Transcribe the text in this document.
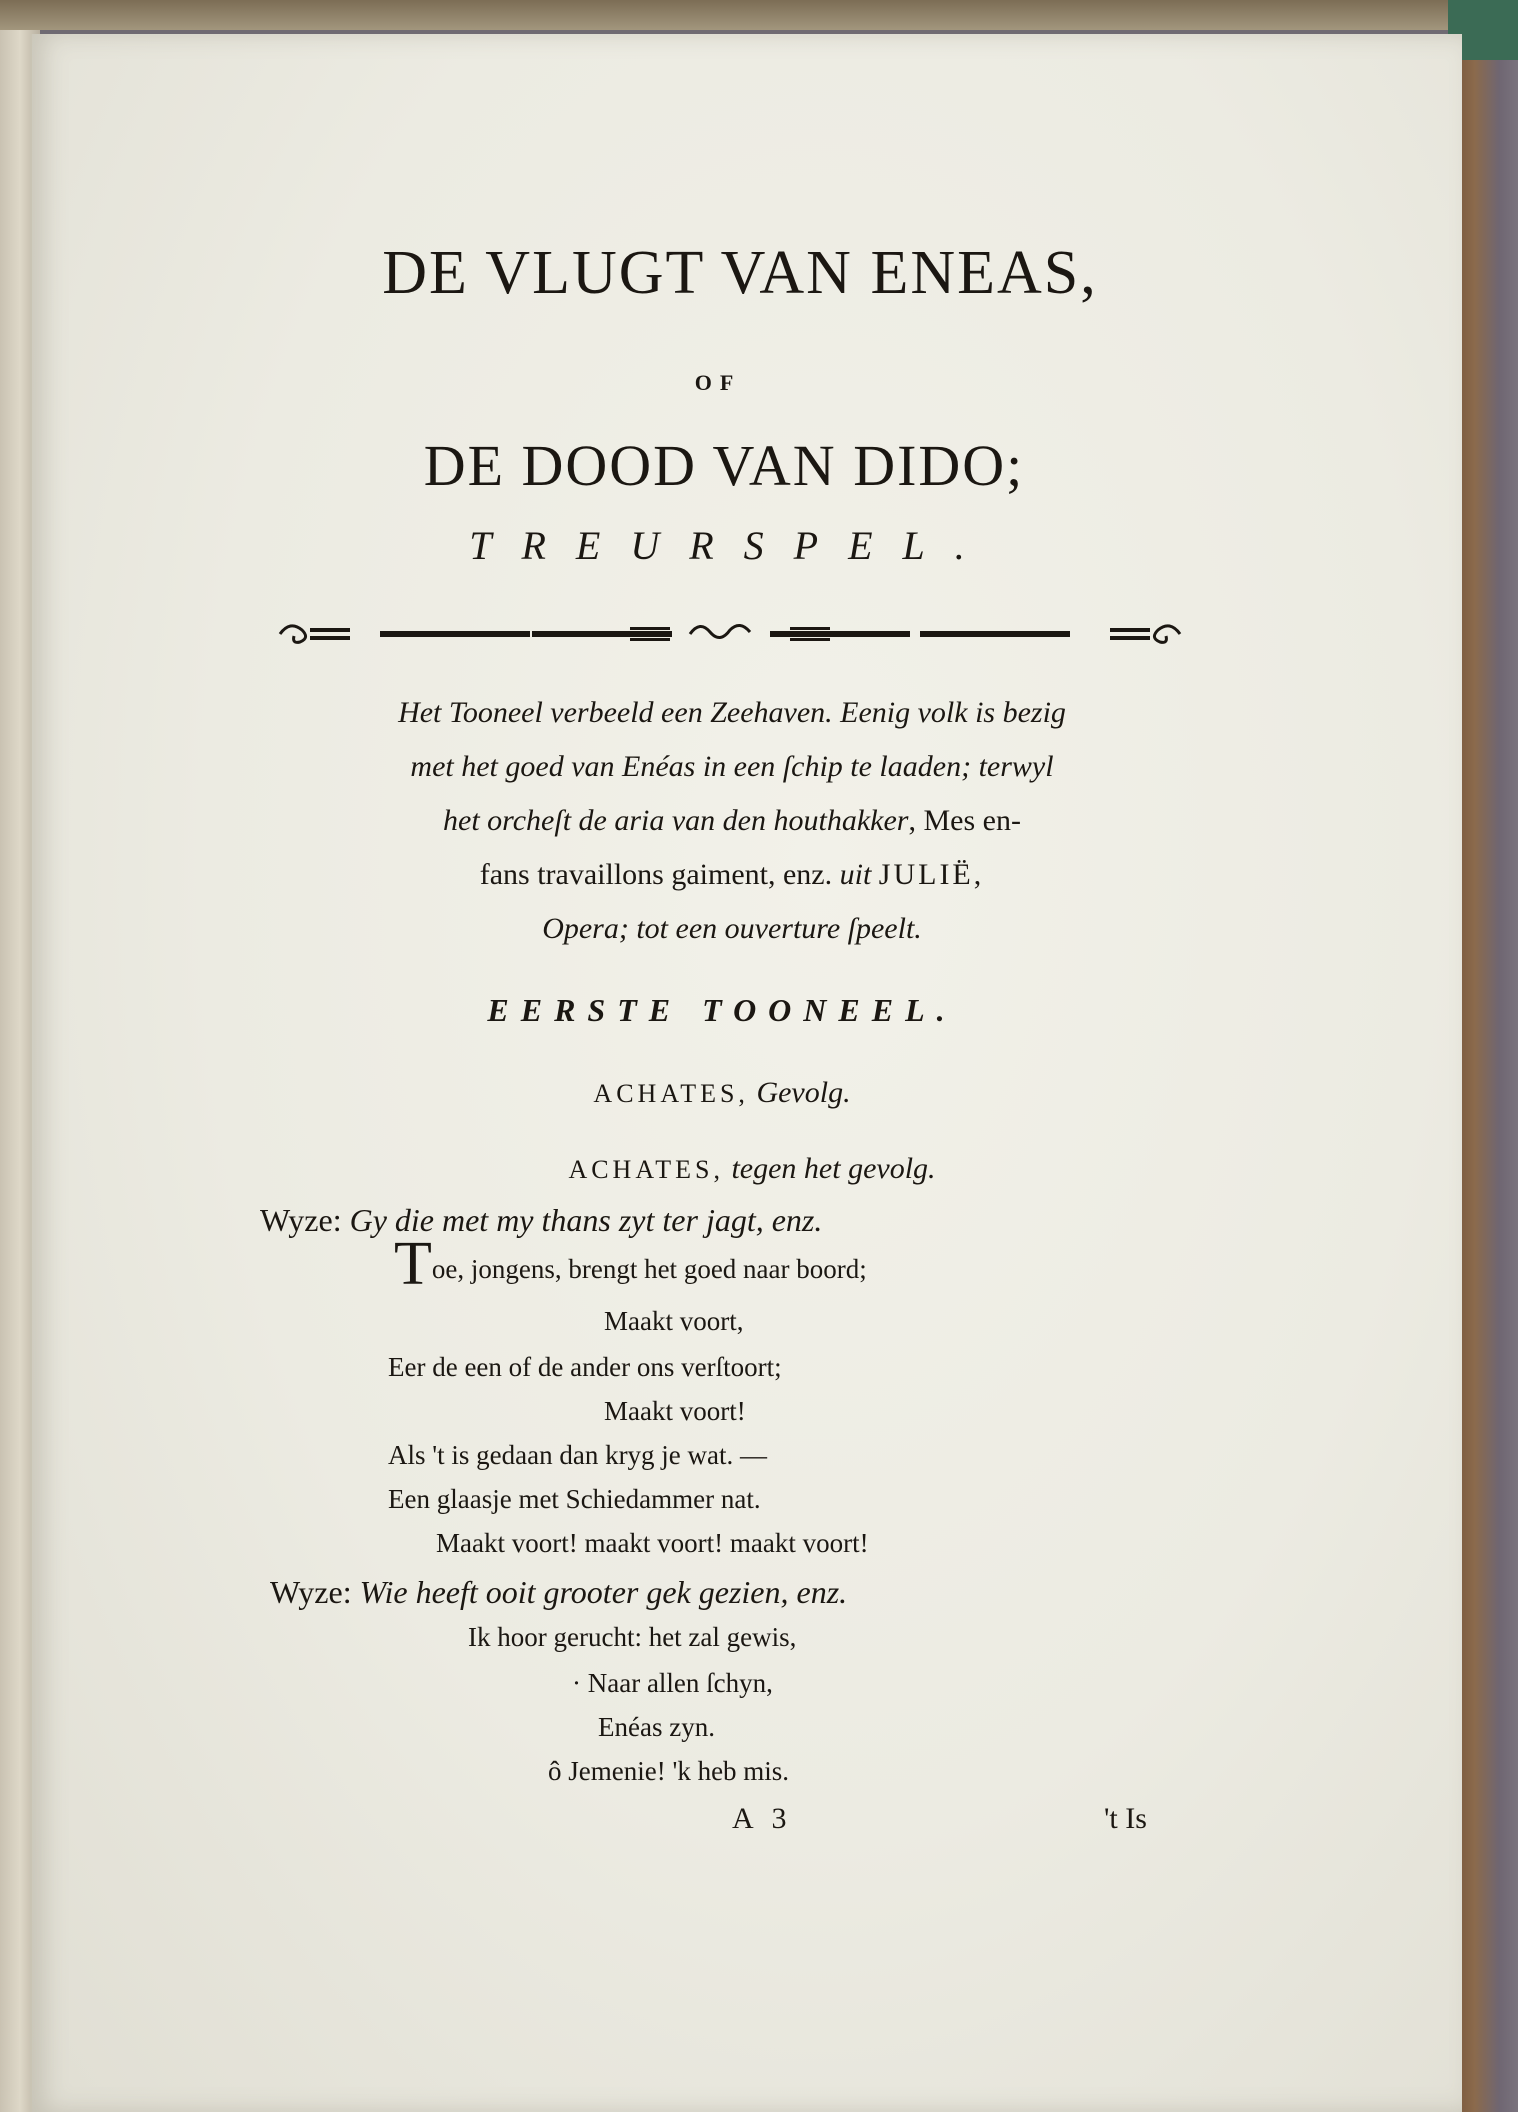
DE VLUGT VAN ENEAS,
OF
DE DOOD VAN DIDO;
TREURSPEL.
Het Tooneel verbeeld een Zeehaven. Eenig volk is bezig
met het goed van Enéas in een ſchip te laaden; terwyl
het orcheſt de aria van den houthakker, Mes en-
fans travaillons gaiment, enz. uit JULIË,
Opera; tot een ouverture ſpeelt.
EERSTE TOONEEL.
ACHATES, Gevolg.
ACHATES, tegen het gevolg.
Wyze: Gy die met my thans zyt ter jagt, enz.
Toe, jongens, brengt het goed naar boord;
Maakt voort,
Eer de een of de ander ons verſtoort;
Maakt voort!
Als 't is gedaan dan kryg je wat. —
Een glaasje met Schiedammer nat.
Maakt voort! maakt voort! maakt voort!
Wyze: Wie heeft ooit grooter gek gezien, enz.
Ik hoor gerucht: het zal gewis,
· Naar allen ſchyn,
Enéas zyn.
ô Jemenie! 'k heb mis.
A 3	't Is
